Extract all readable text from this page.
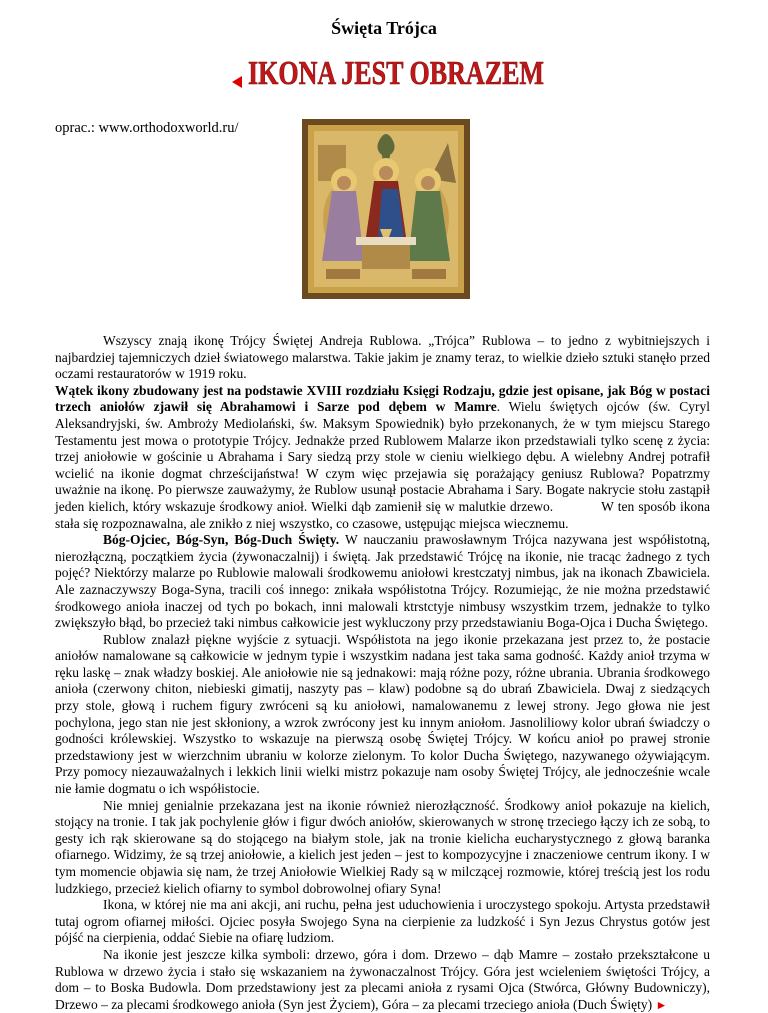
Święta Trójca
IKONA JEST OBRAZEM
oprac.: www.orthodoxworld.ru/

Wszyscy znają ikonę Trójcy Świętej Andreja Rublowa. „Trójca” Rublowa – to jedno z wybitniejszych i najbardziej tajemniczych dzieł światowego malarstwa. Takie jakim je znamy teraz, to wielkie dzieło sztuki stanęło przed oczami restauratorów w 1919 roku.

Wątek ikony zbudowany jest na podstawie XVIII rozdziału Księgi Rodzaju, gdzie jest opisane, jak Bóg w postaci trzech aniołów zjawił się Abrahamowi i Sarze pod dębem w Mamre. Wielu świętych ojców (św. Cyryl Aleksandryjski, św. Ambroży Mediolański, św. Maksym Spowiednik) było przekonanych, że w tym miejscu Starego Testamentu jest mowa o prototypie Trójcy. Jednakże przed Rublowem Malarze ikon przedstawiali tylko scenę z życia: trzej aniołowie w gościnie u Abrahama i Sary siedzą przy stole w cieniu wielkiego dębu. A wielebny Andrej potrafił wcielić na ikonie dogmat chrześcijaństwa! W czym więc przejawia się porażający geniusz Rublowa? Popatrzmy uważnie na ikonę. Po pierwsze zauważymy, że Rublow usunął postacie Abrahama i Sary. Bogate nakrycie stołu zastąpił jeden kielich, który wskazuje środkowy anioł. Wielki dąb zamienił się w malutkie drzewo.	W ten sposób ikona stała się rozpoznawalna, ale znikło z niej wszystko, co czasowe, ustępując miejsca wiecznemu.

Bóg-Ojciec, Bóg-Syn, Bóg-Duch Święty. W nauczaniu prawosławnym Trójca nazywana jest współistotną, nierozłączną, początkiem życia (żywonaczalnij) i świętą. Jak przedstawić Trójcę na ikonie, nie tracąc żadnego z tych pojęć? Niektórzy malarze po Rublowie malowali środkowemu aniołowi krestczatyj nimbus, jak na ikonach Zbawiciela. Ale zaznaczywszy Boga-Syna, tracili coś innego: znikała współistotna Trójcy. Rozumiejąc, że nie można przedstawić środkowego anioła inaczej od tych po bokach, inni malowali ktrstctyje nimbusy wszystkim trzem, jednakże to tylko zwiększyło błąd, bo przecież taki nimbus całkowicie jest wykluczony przy przedstawianiu Boga-Ojca i Ducha Świętego.

Rublow znalazł piękne wyjście z sytuacji. Współistota na jego ikonie przekazana jest przez to, że postacie aniołów namalowane są całkowicie w jednym typie i wszystkim nadana jest taka sama godność. Każdy anioł trzyma w ręku laskę – znak władzy boskiej. Ale aniołowie nie są jednakowi: mają różne pozy, różne ubrania. Ubrania środkowego anioła (czerwony chiton, niebieski gimatij, naszyty pas – klaw) podobne są do ubrań Zbawiciela. Dwaj z siedzących przy stole, głową i ruchem figury zwróceni są ku aniołowi, namalowanemu z lewej strony. Jego głowa nie jest pochylona, jego stan nie jest skłoniony, a wzrok zwrócony jest ku innym aniołom. Jasnoliliowy kolor ubrań świadczy o godności królewskiej. Wszystko to wskazuje na pierwszą osobę Świętej Trójcy. W końcu anioł po prawej stronie przedstawiony jest w wierzchnim ubraniu w kolorze zielonym. To kolor Ducha Świętego, nazywanego ożywiającym. Przy pomocy niezauważalnych i lekkich linii wielki mistrz pokazuje nam osoby Świętej Trójcy, ale jednocześnie wcale nie łamie dogmatu o ich współistocie.

Nie mniej genialnie przekazana jest na ikonie również nierozłączność. Środkowy anioł pokazuje na kielich, stojący na tronie. I tak jak pochylenie głów i figur dwóch aniołów, skierowanych w stronę trzeciego łączy ich ze sobą, to gesty ich rąk skierowane są do stojącego na białym stole, jak na tronie kielicha eucharystycznego z głową baranka ofiarnego. Widzimy, że są trzej aniołowie, a kielich jest jeden – jest to kompozycyjne i znaczeniowe centrum ikony. I w tym momencie objawia się nam, że trzej Aniołowie Wielkiej Rady są w milczącej rozmowie, której treścią jest los rodu ludzkiego, przecież kielich ofiarny to symbol dobrowolnej ofiary Syna!

Ikona, w której nie ma ani akcji, ani ruchu, pełna jest uduchowienia i uroczystego spokoju. Artysta przedstawił tutaj ogrom ofiarnej miłości. Ojciec posyła Swojego Syna na cierpienie za ludzkość i Syn Jezus Chrystus gotów jest pójść na cierpienia, oddać Siebie na ofiarę ludziom.

Na ikonie jest jeszcze kilka symboli: drzewo, góra i dom. Drzewo – dąb Mamre – zostało przekształcone u Rublowa w drzewo życia i stało się wskazaniem na żywonaczalnost Trójcy. Góra jest wcieleniem świętości Trójcy, a dom – to Boska Budowla. Dom przedstawiony jest za plecami anioła z rysami Ojca (Stwórca, Główny Budowniczy), Drzewo – za plecami środkowego anioła (Syn jest Życiem), Góra – za plecami trzeciego anioła (Duch Święty) ►
